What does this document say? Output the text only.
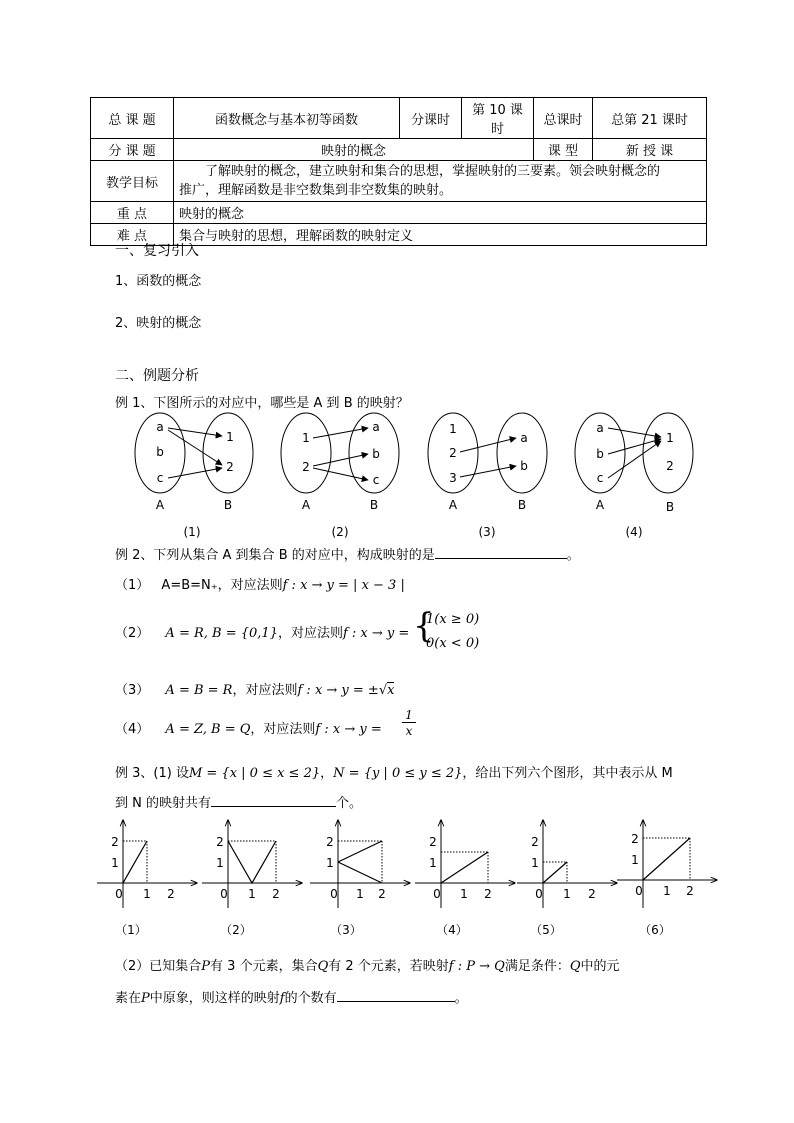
总 课 题	函数概念与基本初等函数	分课时	第 10 课时	总课时	总第 21 课时
分 课 题	映射的概念			课 型	新 授 课
教学目标	了解映射的概念，建立映射和集合的思想，掌握映射的三要素。领会映射概念的
推广，理解函数是非空数集到非空数集的映射。				

重 点	映射的概念				
难 点	集合与映射的思想，理解函数的映射定义				
一、复习引入
1、函数的概念
2、映射的概念
二、例题分析
例 1、下图所示的对应中，哪些是 A 到 B 的映射？
a
b
c
1
2
A	B
1
2
a
b
c
A	B
1
2
3
a
b
A	B
a
b
c
1
2
A	B
(1)	(2)	(3)	(4)
例 2、下列从集合 A 到集合 B 的对应中，构成映射的是	。
（1） A=B=N₊，对应法则f : x → y = | x − 3 |
（2） A = R, B = {0,1}，对应法则f : x → y = {
1(x ≥ 0)
0(x < 0)
（3） A = B = R，对应法则f : x → y = ±√x
（4） A = Z, B = Q，对应法则f : x → y =
1
x
例 3、(1) 设M = {x | 0 ≤ x ≤ 2}，N = {y | 0 ≤ y ≤ 2}，给出下列六个图形，其中表示从 M
到 N 的映射共有	个。
2
1
0 1 2
2
1
0 1 2
2
1
0 1 2
2
1
0 1 2
2
1
0 1 2
2
1
0 1 2
（1）	（2）	（3）	（4）	（5）	（6）
（2）已知集合P有 3 个元素，集合Q有 2 个元素，若映射f : P → Q满足条件：Q中的元
素在P中原象，则这样的映射f的个数有	。
